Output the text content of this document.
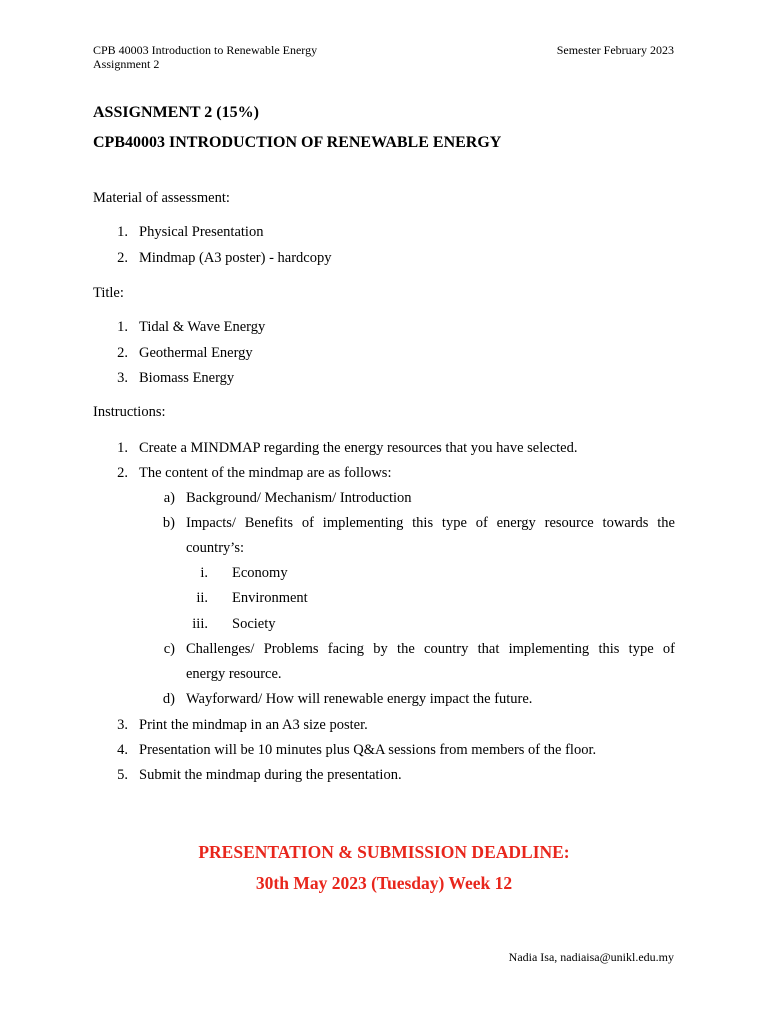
CPB 40003 Introduction to Renewable Energy
Assignment 2
Semester February 2023
ASSIGNMENT 2 (15%)
CPB40003 INTRODUCTION OF RENEWABLE ENERGY
Material of assessment:
1. Physical Presentation
2. Mindmap (A3 poster) - hardcopy
Title:
1. Tidal & Wave Energy
2. Geothermal Energy
3. Biomass Energy
Instructions:
1. Create a MINDMAP regarding the energy resources that you have selected.
2. The content of the mindmap are as follows:
a) Background/ Mechanism/ Introduction
b) Impacts/ Benefits of implementing this type of energy resource towards the
country’s:
i. Economy
ii. Environment
iii. Society
c) Challenges/ Problems facing by the country that implementing this type of
energy resource.
d) Wayforward/ How will renewable energy impact the future.
3. Print the mindmap in an A3 size poster.
4. Presentation will be 10 minutes plus Q&A sessions from members of the floor.
5. Submit the mindmap during the presentation.
PRESENTATION & SUBMISSION DEADLINE:
30th May 2023 (Tuesday) Week 12
Nadia Isa, nadiaisa@unikl.edu.my
